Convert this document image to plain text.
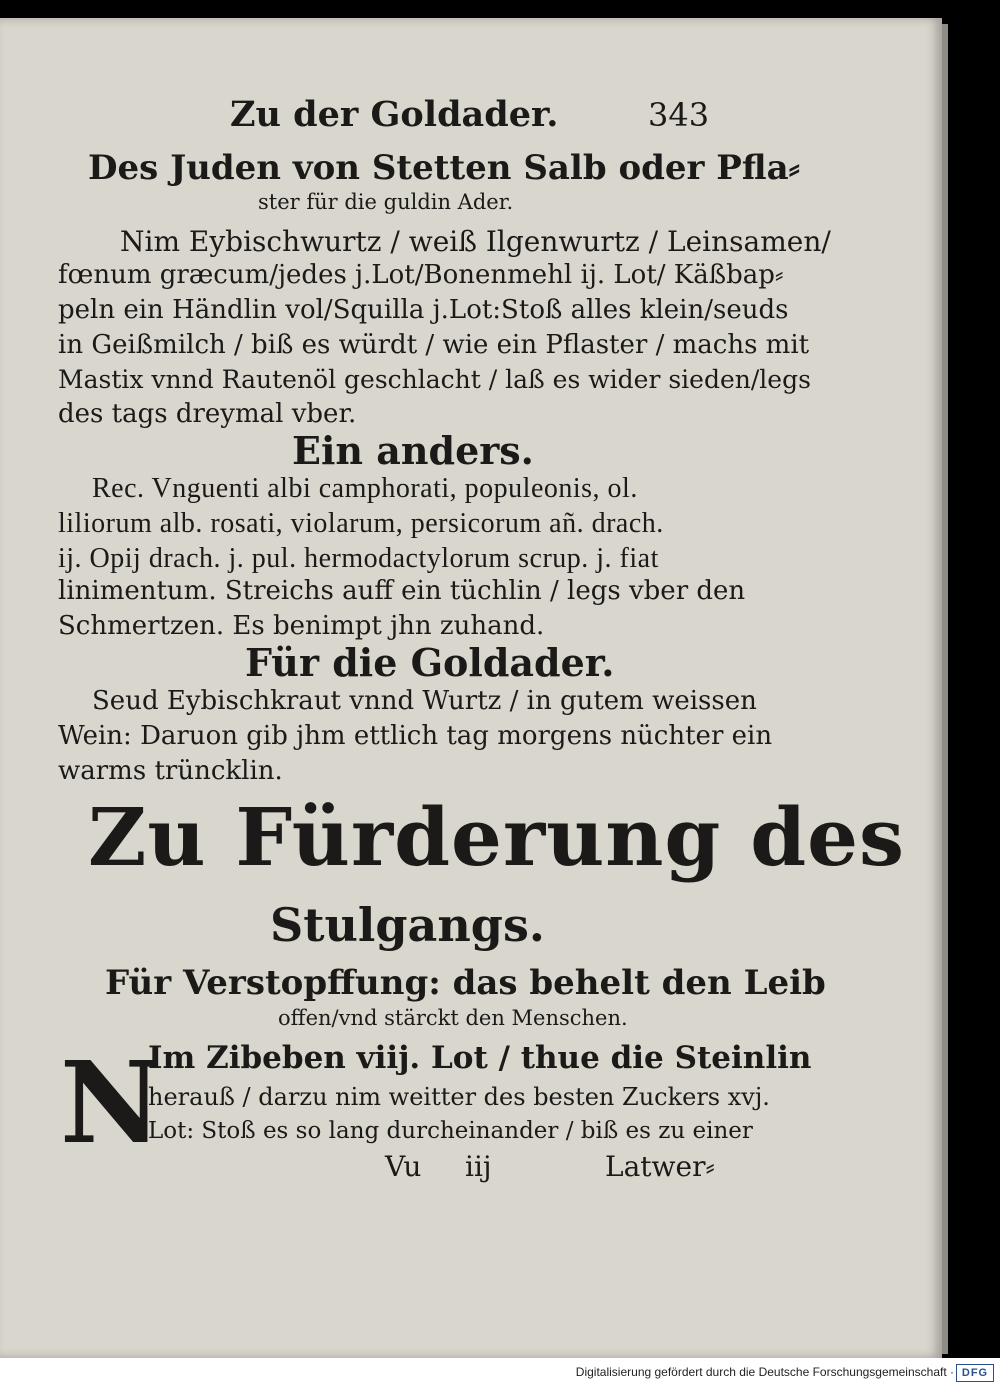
Zu der Goldader.	343
Des Juden von Stetten Salb oder Pfla⸗
ster für die guldin Ader.
Nim Eybischwurtz / weiß Ilgenwurtz / Leinsamen/
fœnum græcum/jedes j.Lot/Bonenmehl ij. Lot/ Käßbap⸗
peln ein Händlin vol/Squilla j.Lot:Stoß alles klein/seuds
in Geißmilch / biß es würdt / wie ein Pflaster / machs mit
Mastix vnnd Rautenöl geschlacht / laß es wider sieden/legs
des tags dreymal vber.
Ein anders.
Rec. Vnguenti albi camphorati, populeonis, ol.
liliorum alb. rosati, violarum, persicorum añ. drach.
ij. Opij drach. j. pul. hermodactylorum scrup. j. fiat
linimentum. Streichs auff ein tüchlin / legs vber den
Schmertzen. Es benimpt jhn zuhand.
Für die Goldader.
Seud Eybischkraut vnnd Wurtz / in gutem weissen
Wein: Daruon gib jhm ettlich tag morgens nüchter ein
warms trüncklin.
Zu Fürderung des
Stulgangs.
Für Verstopffung: das behelt den Leib
offen/vnd stärckt den Menschen.
N
Im Zibeben viij. Lot / thue die Steinlin
herauß / darzu nim weitter des besten Zuckers xvj.
Lot: Stoß es so lang durcheinander / biß es zu einer
Vu iij	Latwer⸗
Digitalisierung gefördert durch die Deutsche Forschungsgemeinschaft · DFG
